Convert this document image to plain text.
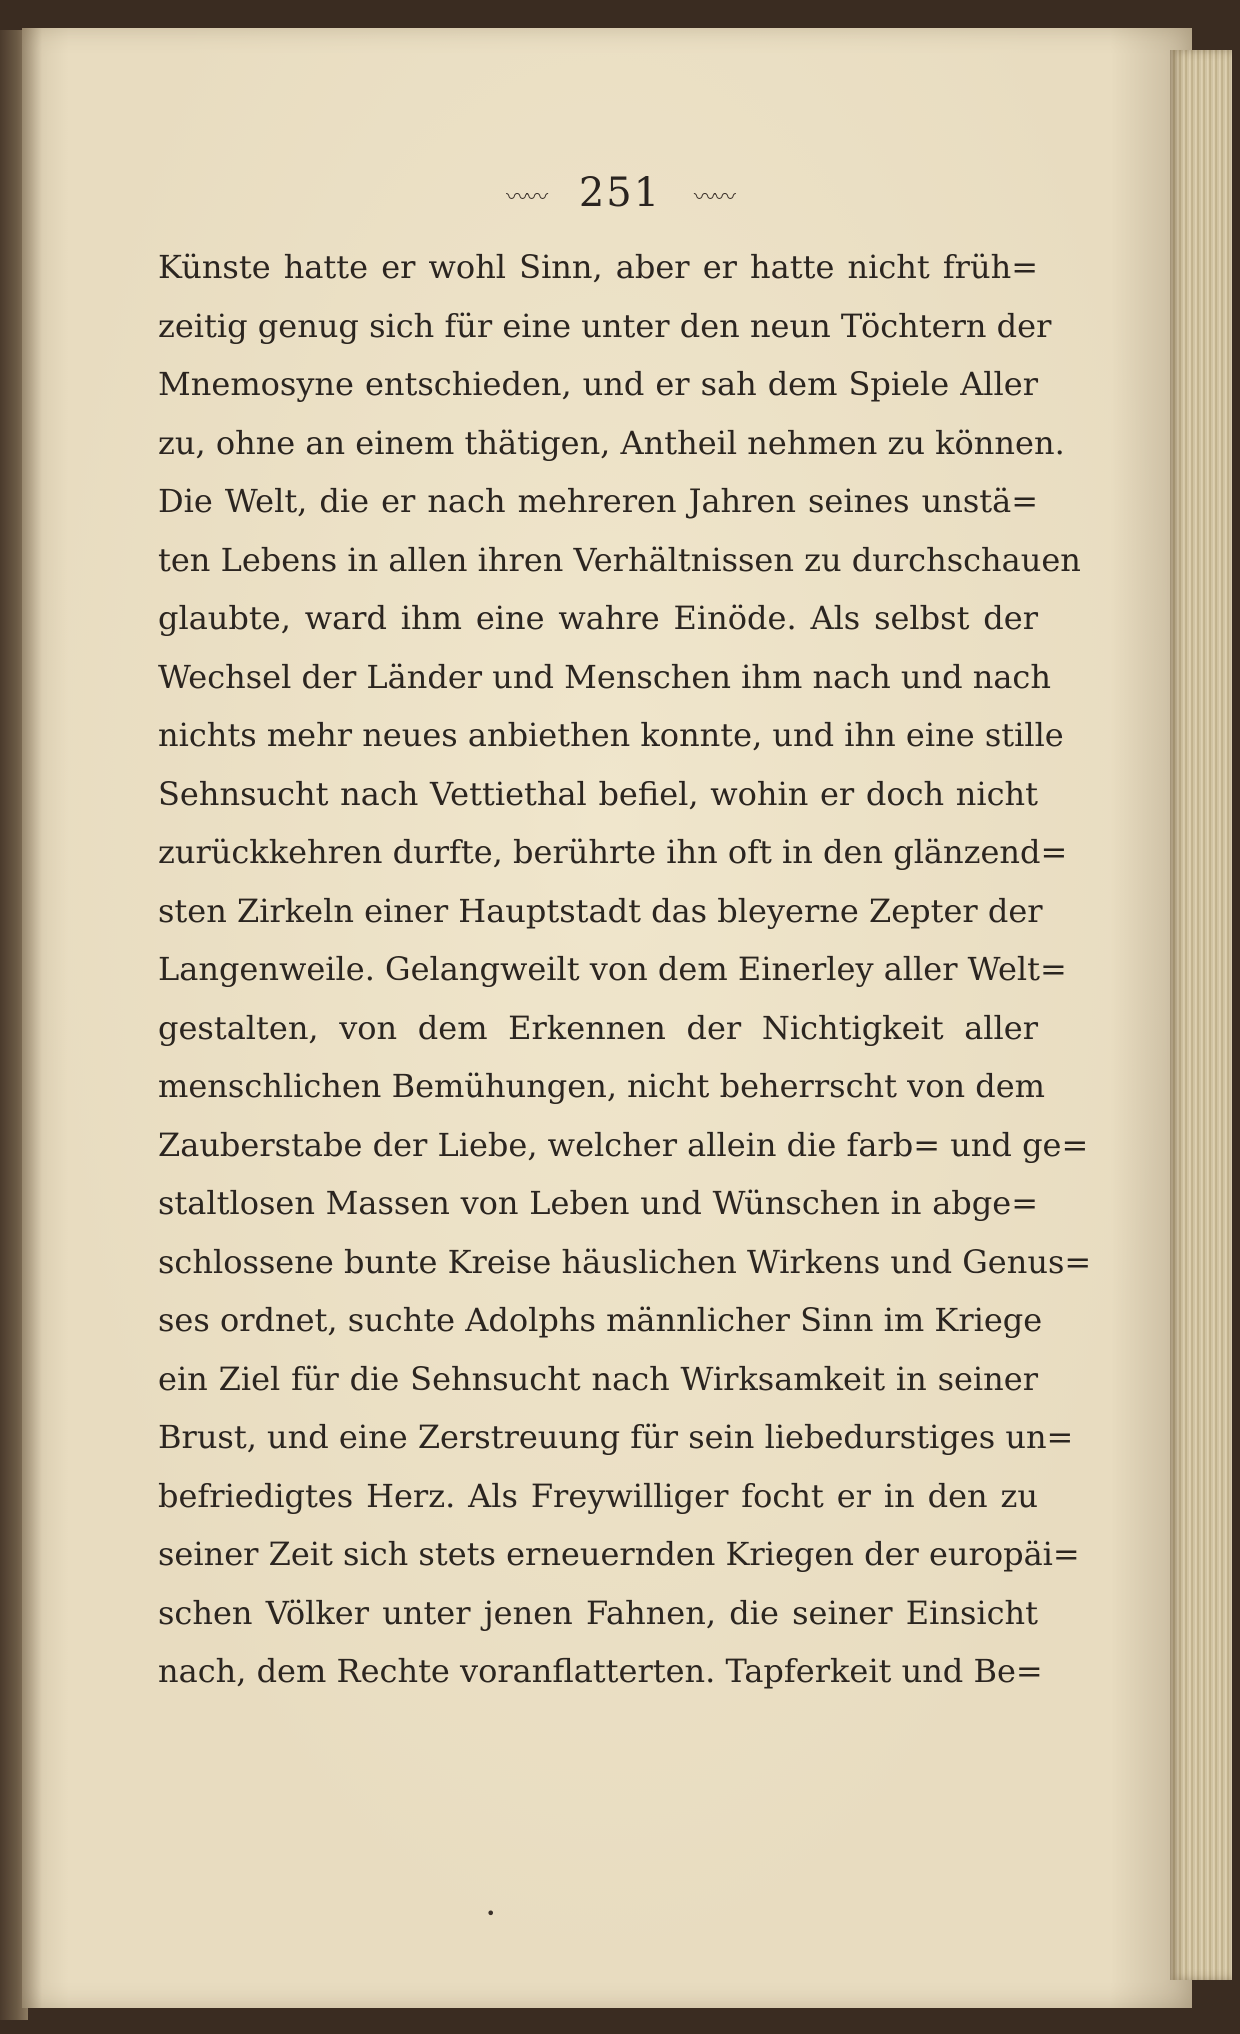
〰〰 251 〰〰
Künste hatte er wohl Sinn, aber er hatte nicht früh=
zeitig genug sich für eine unter den neun Töchtern der
Mnemosyne entschieden, und er sah dem Spiele Aller
zu, ohne an einem thätigen, Antheil nehmen zu können.
Die Welt, die er nach mehreren Jahren seines unstä=
ten Lebens in allen ihren Verhältnissen zu durchschauen
glaubte, ward ihm eine wahre Einöde. Als selbst der
Wechsel der Länder und Menschen ihm nach und nach
nichts mehr neues anbiethen konnte, und ihn eine stille
Sehnsucht nach Vettiethal befiel, wohin er doch nicht
zurückkehren durfte, berührte ihn oft in den glänzend=
sten Zirkeln einer Hauptstadt das bleyerne Zepter der
Langenweile. Gelangweilt von dem Einerley aller Welt=
gestalten, von dem Erkennen der Nichtigkeit aller
menschlichen Bemühungen, nicht beherrscht von dem
Zauberstabe der Liebe, welcher allein die farb= und ge=
staltlosen Massen von Leben und Wünschen in abge=
schlossene bunte Kreise häuslichen Wirkens und Genus=
ses ordnet, suchte Adolphs männlicher Sinn im Kriege
ein Ziel für die Sehnsucht nach Wirksamkeit in seiner
Brust, und eine Zerstreuung für sein liebedurstiges un=
befriedigtes Herz. Als Freywilliger focht er in den zu
seiner Zeit sich stets erneuernden Kriegen der europäi=
schen Völker unter jenen Fahnen, die seiner Einsicht
nach, dem Rechte voranflatterten. Tapferkeit und Be=
•
